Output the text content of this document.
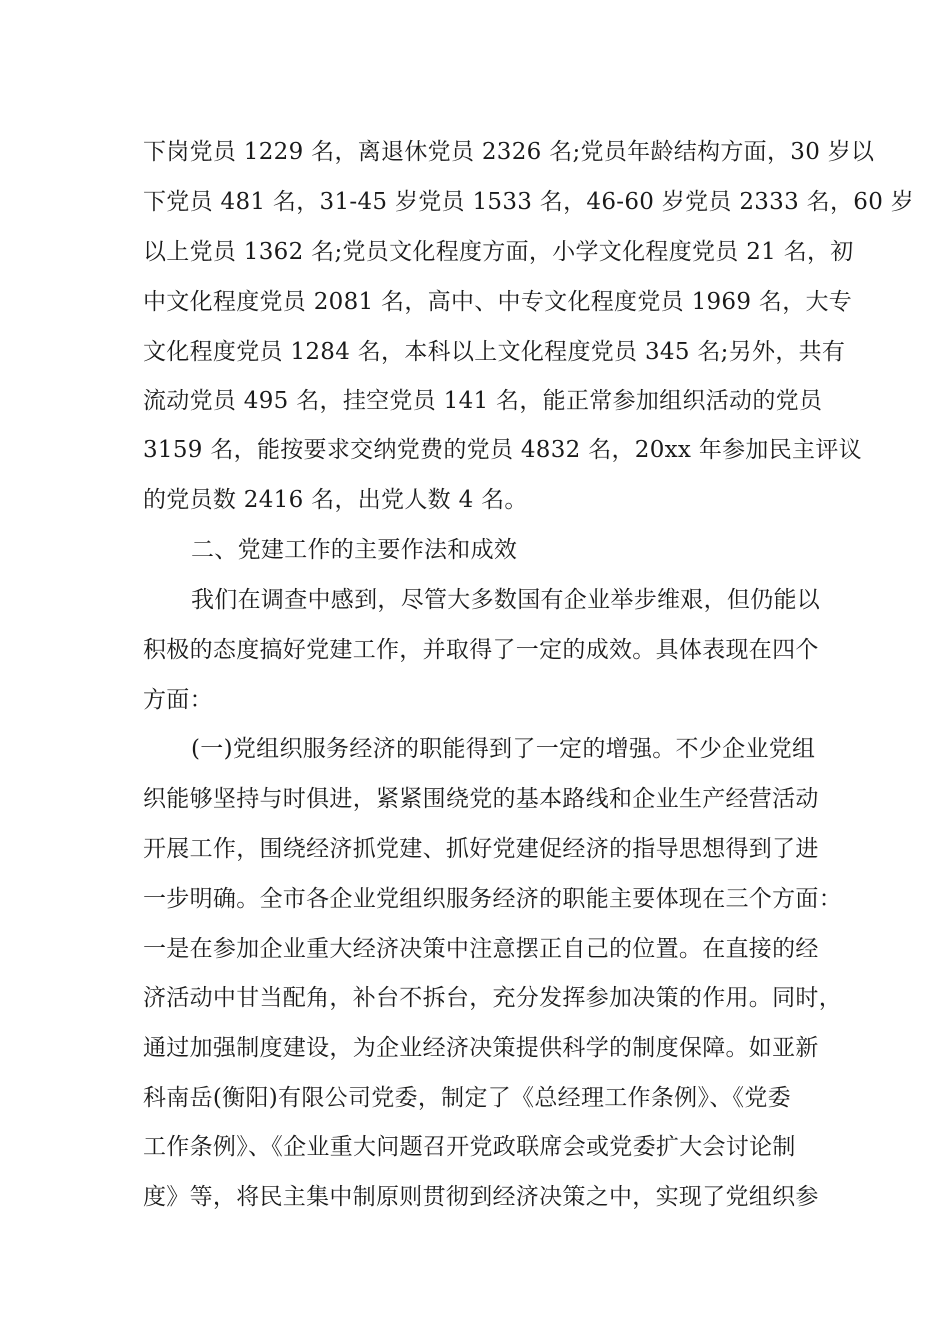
下岗党员 1229 名，离退休党员 2326 名;党员年龄结构方面，30 岁以
下党员 481 名，31-45 岁党员 1533 名，46-60 岁党员 2333 名，60 岁
以上党员 1362 名;党员文化程度方面，小学文化程度党员 21 名，初
中文化程度党员 2081 名，高中、中专文化程度党员 1969 名，大专
文化程度党员 1284 名，本科以上文化程度党员 345 名;另外，共有
流动党员 495 名，挂空党员 141 名，能正常参加组织活动的党员
3159 名，能按要求交纳党费的党员 4832 名，20xx 年参加民主评议
的党员数 2416 名，出党人数 4 名。
二、党建工作的主要作法和成效
我们在调查中感到，尽管大多数国有企业举步维艰，但仍能以
积极的态度搞好党建工作，并取得了一定的成效。具体表现在四个
方面：
(一)党组织服务经济的职能得到了一定的增强。不少企业党组
织能够坚持与时俱进，紧紧围绕党的基本路线和企业生产经营活动
开展工作，围绕经济抓党建、抓好党建促经济的指导思想得到了进
一步明确。全市各企业党组织服务经济的职能主要体现在三个方面：
一是在参加企业重大经济决策中注意摆正自己的位置。在直接的经
济活动中甘当配角，补台不拆台，充分发挥参加决策的作用。同时，
通过加强制度建设，为企业经济决策提供科学的制度保障。如亚新
科南岳(衡阳)有限公司党委，制定了《总经理工作条例》、《党委
工作条例》、《企业重大问题召开党政联席会或党委扩大会讨论制
度》等，将民主集中制原则贯彻到经济决策之中，实现了党组织参
